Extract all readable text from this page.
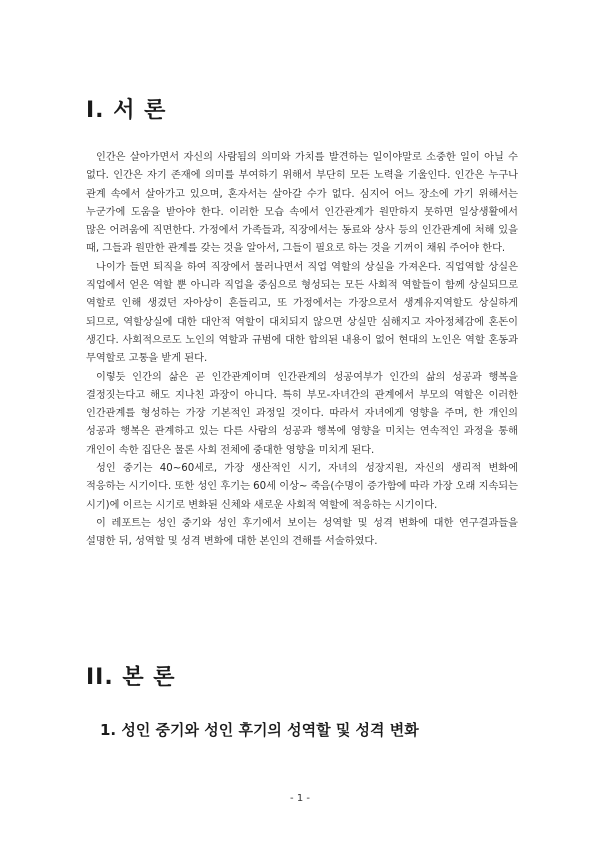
I. 서 론

인간은 살아가면서 자신의 사람됨의 의미와 가치를 발견하는 일이야말로 소중한 일이 아닐 수 없다. 인간은 자기 존재에 의미를 부여하기 위해서 부단히 모든 노력을 기울인다. 인간은 누구나 관계 속에서 살아가고 있으며, 혼자서는 살아갈 수가 없다. 심지어 어느 장소에 가기 위해서는 누군가에 도움을 받아야 한다. 이러한 모습 속에서 인간관계가 원만하지 못하면 일상생활에서 많은 어려움에 직면한다. 가정에서 가족들과, 직장에서는 동료와 상사 등의 인간관계에 처해 있을 때, 그들과 원만한 관계를 갖는 것을 알아서, 그들이 필요로 하는 것을 기꺼이 채워 주어야 한다.

나이가 들면 퇴직을 하여 직장에서 물러나면서 직업 역할의 상실을 가져온다. 직업역할 상실은 직업에서 얻은 역할 뿐 아니라 직업을 중심으로 형성되는 모든 사회적 역할들이 함께 상실되므로 역할로 인해 생겼던 자아상이 흔들리고, 또 가정에서는 가장으로서 생계유지역할도 상실하게 되므로, 역할상실에 대한 대안적 역할이 대치되지 않으면 상실만 심해지고 자아정체감에 혼돈이 생긴다. 사회적으로도 노인의 역할과 규범에 대한 합의된 내용이 없어 현대의 노인은 역할 혼동과 무역할로 고통을 받게 된다.

이렇듯 인간의 삶은 곧 인간관계이며 인간관계의 성공여부가 인간의 삶의 성공과 행복을 결정짓는다고 해도 지나친 과장이 아니다. 특히 부모-자녀간의 관계에서 부모의 역할은 이러한 인간관계를 형성하는 가장 기본적인 과정일 것이다. 따라서 자녀에게 영향을 주며, 한 개인의 성공과 행복은 관계하고 있는 다른 사람의 성공과 행복에 영향을 미치는 연속적인 과정을 통해 개인이 속한 집단은 물론 사회 전체에 중대한 영향을 미치게 된다.

성인 중기는 40~60세로, 가장 생산적인 시기, 자녀의 성장지원, 자신의 생리적 변화에 적응하는 시기이다. 또한 성인 후기는 60세 이상~ 죽음(수명이 증가함에 따라 가장 오래 지속되는 시기)에 이르는 시기로 변화된 신체와 새로운 사회적 역할에 적응하는 시기이다.

이 레포트는 성인 중기와 성인 후기에서 보이는 성역할 및 성격 변화에 대한 연구결과들을 설명한 뒤, 성역할 및 성격 변화에 대한 본인의 견해를 서술하였다.

II. 본 론
1. 성인 중기와 성인 후기의 성역할 및 성격 변화
- 1 -
